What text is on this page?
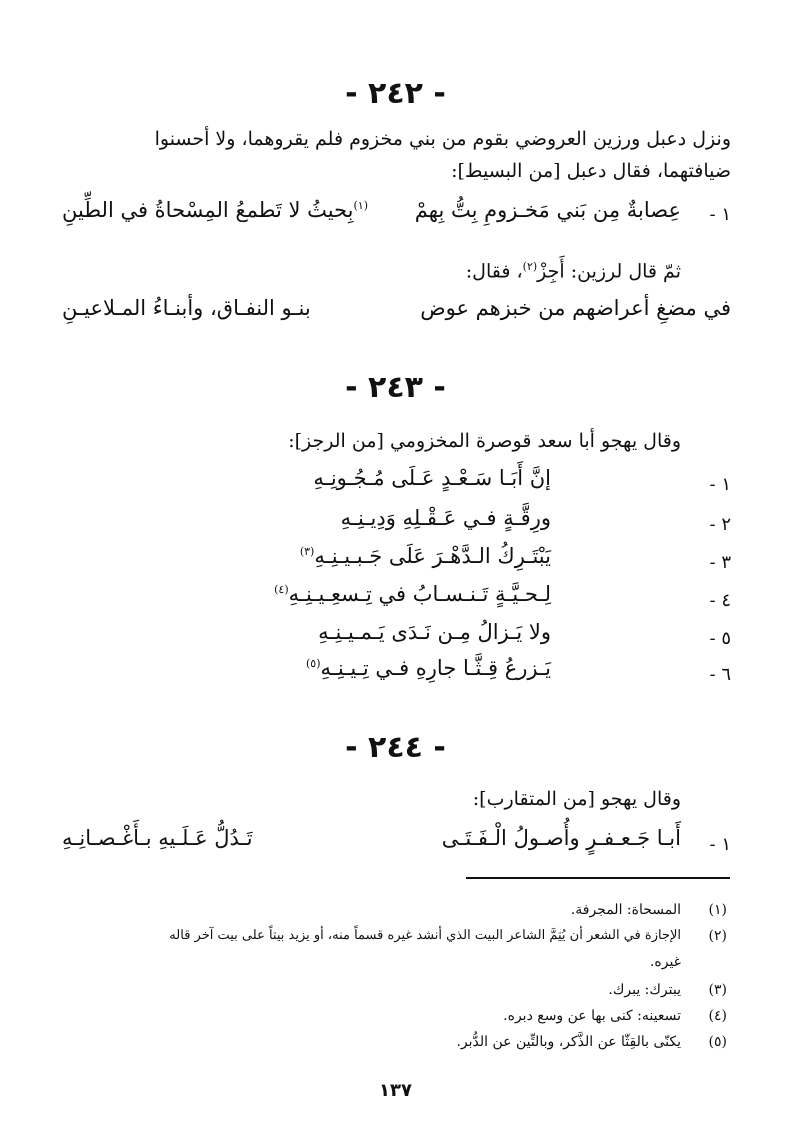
- ٢٤٢ -
ونزل دعبل ورزين العروضي بقوم من بني مخزوم فلم يقروهما، ولا أحسنوا
ضيافتهما، فقال دعبل [من البسيط]:
١ -
عِصابةٌ مِن بَني مَخـزومِ بِتُّ بِهمْ
$^{(١)}$بِحيثُ لا تَطمعُ المِسْحاةُ في الطِّينِ
ثمّ قال لرزين: أَجِزْ$^{(٢)}$، فقال:
في مضغِ أعراضهم من خبزهم عوض
بنـو النفـاق، وأبنـاءُ المـلاعيـنِ
- ٢٤٣ -
وقال يهجو أبا سعد قوصرة المخزومي [من الرجز]:
١ -
إنَّ أَبَـا سَـعْـدٍ عَـلَى مُـجُـونِـهِ
٢ -
ورِقَّـةٍ فـي عَـقْـلِهِ وَدِيـنِـهِ
٣ -
يَبْتَـرِكُ الـدَّهْـرَ عَلَى جَـبـيـنِـهِ$^{(٣)}$
٤ -
لِـحـيَّـةٍ تَـنـسـابُ في تِـسعِـيـنِـهِ$^{(٤)}$
٥ -
ولا يَـزالُ مِـن نَـدَى يَـمـيـنِـهِ
٦ -
يَـزرعُ قِـثَّـا جارِهِ فـي تِـيـنِـهِ$^{(٥)}$
- ٢٤٤ -
وقال يهجو [من المتقارب]:
١ -
أَبـا جَـعـفـرٍ وأُصـولُ الْـفَـتَـى
تَـدُلُّ عَـلَـيهِ بـأَغْـصـانِـهِ
(١)
المسحاة: المجرفة.
(٢)
الإجازة في الشعر أن يُتِمَّ الشاعر البيت الذي أنشد غيره قسماً منه، أو يزيد بيتاً على بيت آخر قاله
غيره.
(٣)
يبترك: يبرك.
(٤)
تسعينه: كنى بها عن وسع دبره.
(٥)
يكنّى بالقِثّا عن الذَّكر، وبالتِّين عن الدُّبر.
١٣٧
